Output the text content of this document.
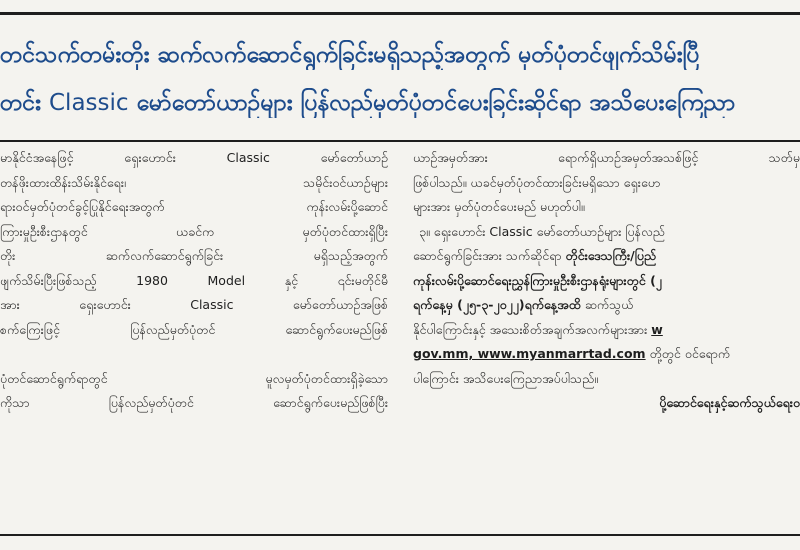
တင်သက်တမ်းတိုး ဆက်လက်ဆောင်ရွက်ခြင်းမရှိသည့်အတွက် မှတ်ပုံတင်ဖျက်သိမ်းပြီ
တင်း Classic မော်တော်ယာဉ်များ ပြန်လည်မှတ်ပုံတင်ပေးခြင်းဆိုင်ရာ အသိပေးကြေညာ
မာနိုင်ငံအနေဖြင့် ရှေးဟောင်း Classic မော်တော်ယာဉ်
တန်ဖိုးထားထိန်းသိမ်းနိုင်ရေး၊ သမိုင်းဝင်ယာဉ်များ
ရားဝင်မှတ်ပုံတင်ခွင့်ပြုနိုင်ရေးအတွက် ကုန်းလမ်းပို့ဆောင်
ကြားမှုဦးစီးဌာနတွင် ယခင်က မှတ်ပုံတင်ထားရှိပြီး
တိုး ဆက်လက်ဆောင်ရွက်ခြင်း မရှိသည့်အတွက်
ဖျက်သိမ်းပြီးဖြစ်သည့် 1980 Model နှင့် ၎င်းမတိုင်မီ
အား ရှေးဟောင်း Classic မော်တော်ယာဉ်အဖြစ်
စက်ကြေးဖြင့် ပြန်လည်မှတ်ပုံတင် ဆောင်ရွက်ပေးမည်ဖြစ်
ပုံတင်ဆောင်ရွက်ရာတွင် မူလမှတ်ပုံတင်ထားရှိခဲ့သော
ကိုသာ ပြန်လည်မှတ်ပုံတင် ဆောင်ရွက်ပေးမည်ဖြစ်ပြီး
ယာဉ်အမှတ်အား ရောက်ရှိယာဉ်အမှတ်အသစ်ဖြင့် သတ်မှ
ဖြစ်ပါသည်။ ယခင်မှတ်ပုံတင်ထားခြင်းမရှိသော ရှေးဟေ
များအား မှတ်ပုံတင်ပေးမည် မဟုတ်ပါ။
၃။ ရှေးဟောင်း Classic မော်တော်ယာဉ်များ ပြန်လည်
ဆောင်ရွက်ခြင်းအား သက်ဆိုင်ရာ တိုင်းဒေသကြီး/ပြည်
ကုန်းလမ်းပို့ဆောင်ရေးညွှန်ကြားမှုဦးစီးဌာနရုံးများတွင် (၂
ရက်နေ့မှ (၂၅-၃-၂၀၂၂)ရက်နေ့အထိ ဆက်သွယ်
နိုင်ပါကြောင်းနှင့် အသေးစိတ်အချက်အလက်များအား w
gov.mm, www.myanmarrtad.com တို့တွင် ဝင်ရောက်
ပါကြောင်း အသိပေးကြေညာအပ်ပါသည်။
ပို့ဆောင်ရေးနှင့်ဆက်သွယ်ရေးဝ
